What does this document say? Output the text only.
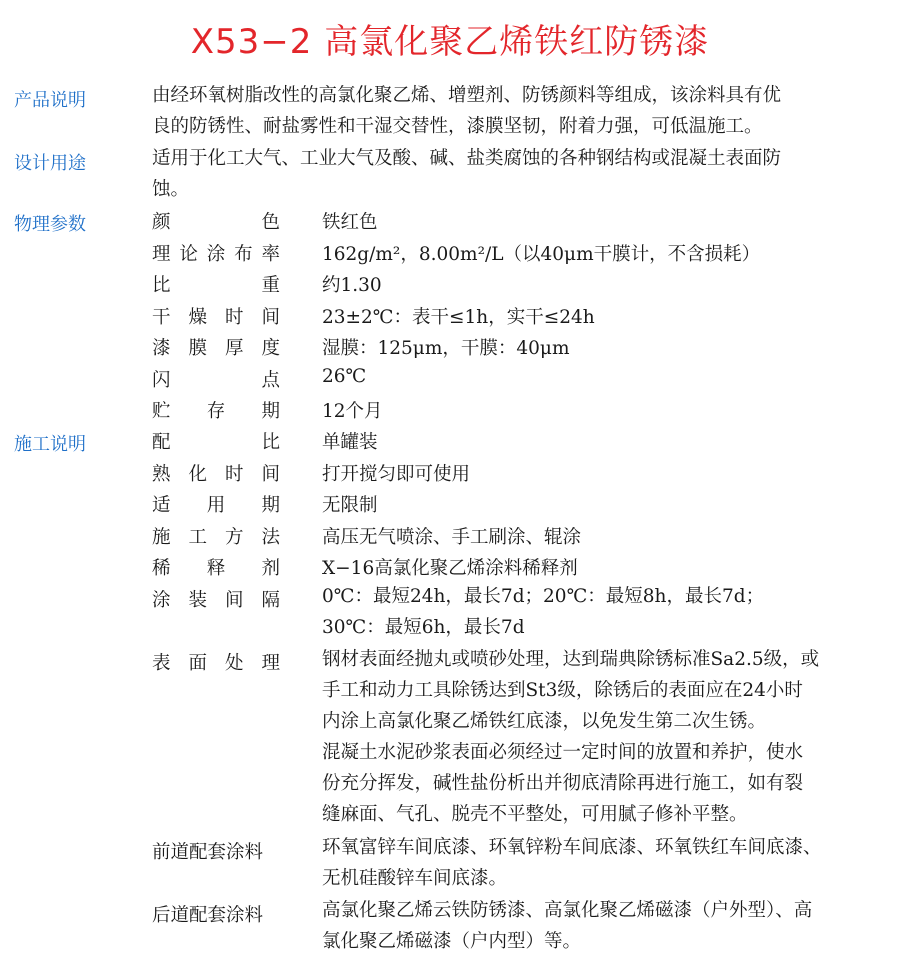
X53−2 高氯化聚乙烯铁红防锈漆
产品说明	由经环氧树脂改性的高氯化聚乙烯、增塑剂、防锈颜料等组成，该涂料具有优
良的防锈性、耐盐雾性和干湿交替性，漆膜坚韧，附着力强，可低温施工。
设计用途	适用于化工大气、工业大气及酸、碱、盐类腐蚀的各种钢结构或混凝土表面防
蚀。
物理参数	颜色 铁红色
理论涂布率 162g/m²，8.00m²/L（以40μm干膜计，不含损耗）
比重 约1.30
干燥时间 23±2℃：表干≤1h，实干≤24h
漆膜厚度 湿膜：125μm，干膜：40μm
闪点 26℃
贮存期 12个月
施工说明	配比 单罐装
熟化时间 打开搅匀即可使用
适用期 无限制
施工方法 高压无气喷涂、手工刷涂、辊涂
稀释剂 X−16高氯化聚乙烯涂料稀释剂
涂装间隔 0℃：最短24h，最长7d；20℃：最短8h，最长7d；
30℃：最短6h，最长7d
表面处理 钢材表面经抛丸或喷砂处理，达到瑞典除锈标准Sa2.5级，或
手工和动力工具除锈达到St3级，除锈后的表面应在24小时
内涂上高氯化聚乙烯铁红底漆，以免发生第二次生锈。
混凝土水泥砂浆表面必须经过一定时间的放置和养护，使水
份充分挥发，碱性盐份析出并彻底清除再进行施工，如有裂
缝麻面、气孔、脱壳不平整处，可用腻子修补平整。
前道配套涂料	环氧富锌车间底漆、环氧锌粉车间底漆、环氧铁红车间底漆、
无机硅酸锌车间底漆。
后道配套涂料	高氯化聚乙烯云铁防锈漆、高氯化聚乙烯磁漆（户外型）、高
氯化聚乙烯磁漆（户内型）等。
